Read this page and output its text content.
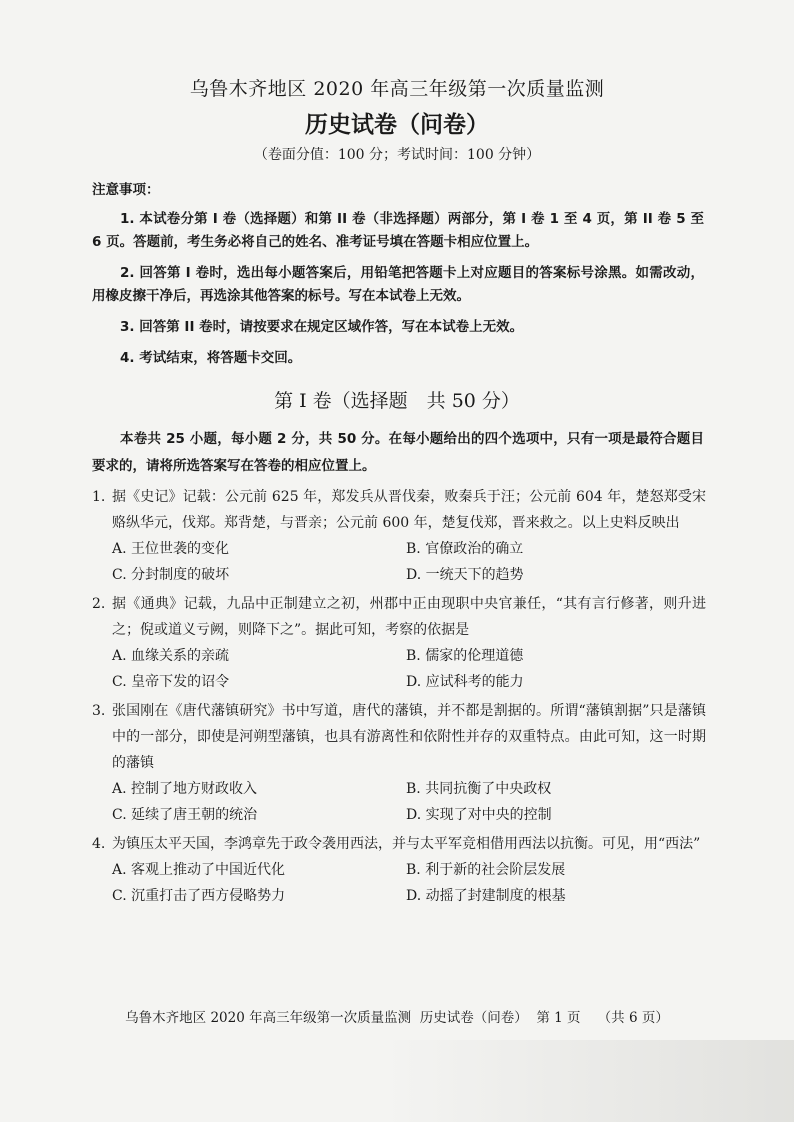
乌鲁木齐地区 2020 年高三年级第一次质量监测
历史试卷（问卷）
（卷面分值：100 分；考试时间：100 分钟）
注意事项：
1. 本试卷分第 I 卷（选择题）和第 II 卷（非选择题）两部分，第 I 卷 1 至 4 页，第 II 卷 5 至 6 页。答题前，考生务必将自己的姓名、准考证号填在答题卡相应位置上。
2. 回答第 I 卷时，选出每小题答案后，用铅笔把答题卡上对应题目的答案标号涂黑。如需改动，用橡皮擦干净后，再选涂其他答案的标号。写在本试卷上无效。
3. 回答第 II 卷时，请按要求在规定区域作答，写在本试卷上无效。
4. 考试结束，将答题卡交回。
第 I 卷（选择题　共 50 分）
本卷共 25 小题，每小题 2 分，共 50 分。在每小题给出的四个选项中，只有一项是最符合题目要求的，请将所选答案写在答卷的相应位置上。
1. 据《史记》记载：公元前 625 年，郑发兵从晋伐秦，败秦兵于汪；公元前 604 年，楚怒郑受宋赂纵华元，伐郑。郑背楚，与晋亲；公元前 600 年，楚复伐郑，晋来救之。以上史料反映出
A. 王位世袭的变化	B. 官僚政治的确立
C. 分封制度的破坏	D. 一统天下的趋势
2. 据《通典》记载，九品中正制建立之初，州郡中正由现职中央官兼任，“其有言行修著，则升进之；倪或道义亏阙，则降下之”。据此可知，考察的依据是
A. 血缘关系的亲疏	B. 儒家的伦理道德
C. 皇帝下发的诏令	D. 应试科考的能力
3. 张国刚在《唐代藩镇研究》书中写道，唐代的藩镇，并不都是割据的。所谓“藩镇割据”只是藩镇中的一部分，即使是河朔型藩镇，也具有游离性和依附性并存的双重特点。由此可知，这一时期的藩镇
A. 控制了地方财政收入	B. 共同抗衡了中央政权
C. 延续了唐王朝的统治	D. 实现了对中央的控制
4. 为镇压太平天国，李鸿章先于政令袭用西法，并与太平军竞相借用西法以抗衡。可见，用“西法”
A. 客观上推动了中国近代化	B. 利于新的社会阶层发展
C. 沉重打击了西方侵略势力	D. 动摇了封建制度的根基
乌鲁木齐地区 2020 年高三年级第一次质量监测 历史试卷（问卷） 第 1 页 （共 6 页）
